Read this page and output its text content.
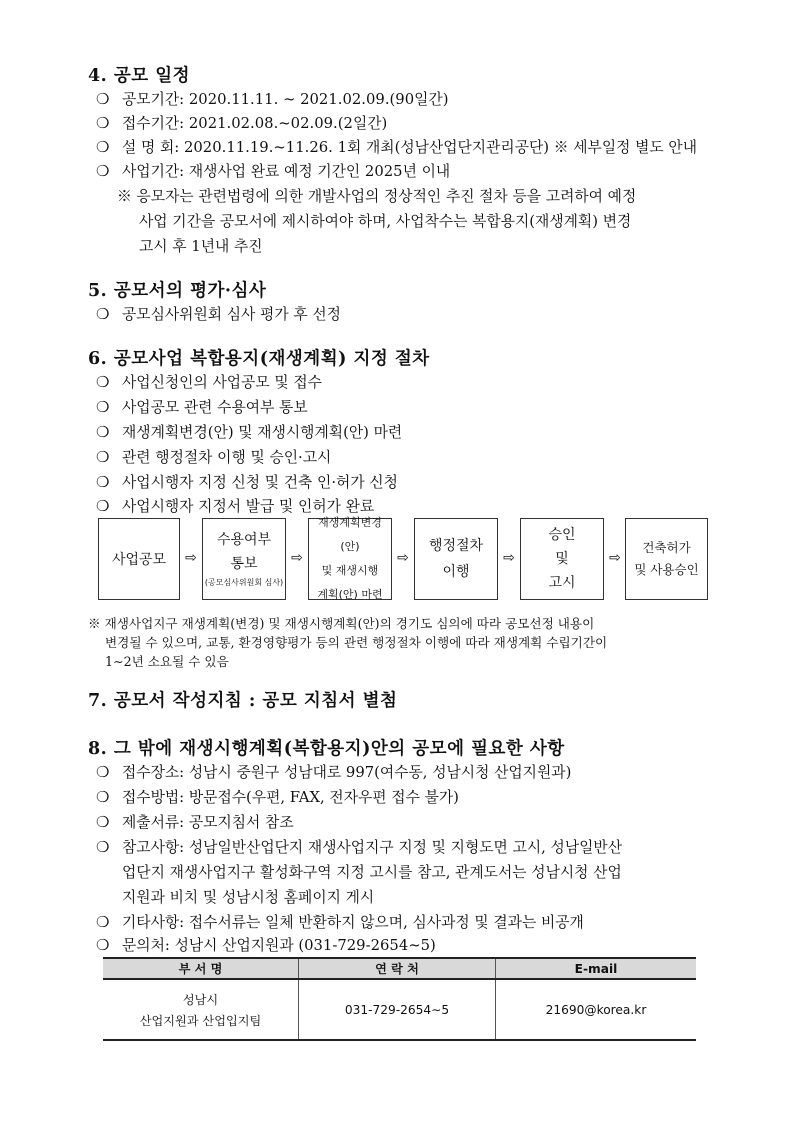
4. 공모 일정
❍ 공모기간: 2020.11.11. ∼ 2021.02.09.(90일간)
❍ 접수기간: 2021.02.08.~02.09.(2일간)
❍ 설 명 회: 2020.11.19.~11.26. 1회 개최(성남산업단지관리공단) ※ 세부일정 별도 안내
❍ 사업기간: 재생사업 완료 예정 기간인 2025년 이내
※ 응모자는 관련법령에 의한 개발사업의 정상적인 추진 절차 등을 고려하여 예정
사업 기간을 공모서에 제시하여야 하며, 사업착수는 복합용지(재생계획) 변경
고시 후 1년내 추진
5. 공모서의 평가·심사
❍ 공모심사위원회 심사 평가 후 선정
6. 공모사업 복합용지(재생계획) 지정 절차
❍ 사업신청인의 사업공모 및 접수
❍ 사업공모 관련 수용여부 통보
❍ 재생계획변경(안) 및 재생시행계획(안) 마련
❍ 관련 행정절차 이행 및 승인·고시
❍ 사업시행자 지정 신청 및 건축 인·허가 신청
❍ 사업시행자 지정서 발급 및 인허가 완료
사업공모 ⇨
수용여부
통보
(공모심사위원회 심사)
⇨
재생계획변경(안)
및 재생시행
계획(안) 마련
⇨
행정절차
이행
⇨
승인
및
고시
⇨
건축허가
및 사용승인
※ 재생사업지구 재생계획(변경) 및 재생시행계획(안)의 경기도 심의에 따라 공모선정 내용이
변경될 수 있으며, 교통, 환경영향평가 등의 관련 행정절차 이행에 따라 재생계획 수립기간이
1∼2년 소요될 수 있음
7. 공모서 작성지침 : 공모 지침서 별첨
8. 그 밖에 재생시행계획(복합용지)안의 공모에 필요한 사항
❍ 접수장소: 성남시 중원구 성남대로 997(여수동, 성남시청 산업지원과)
❍ 접수방법: 방문접수(우편, FAX, 전자우편 접수 불가)
❍ 제출서류: 공모지침서 참조
❍ 참고사항: 성남일반산업단지 재생사업지구 지정 및 지형도면 고시, 성남일반산
업단지 재생사업지구 활성화구역 지정 고시를 참고, 관계도서는 성남시청 산업
지원과 비치 및 성남시청 홈페이지 게시
❍ 기타사항: 접수서류는 일체 반환하지 않으며, 심사과정 및 결과는 비공개
❍ 문의처: 성남시 산업지원과 (031-729-2654∼5)
부 서 명	연 락 처	E-mail

성남시
산업지원과 산업입지팀	031-729-2654∼5	21690@korea.kr
